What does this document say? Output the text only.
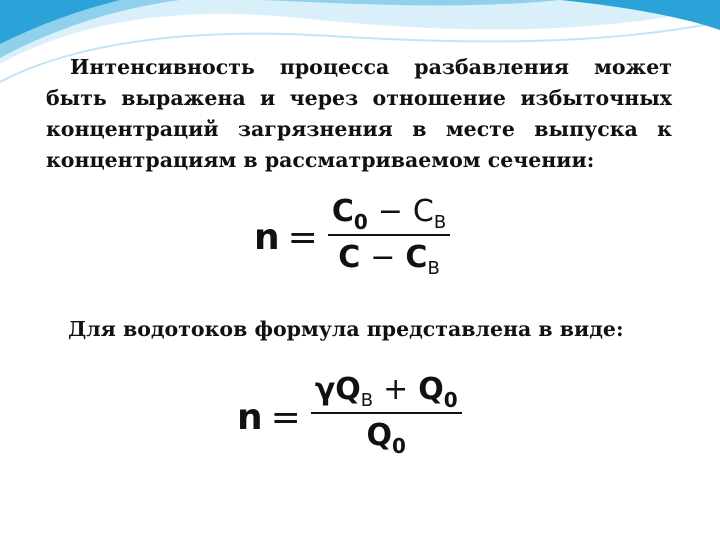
Интенсивность процесса разбавления может быть выражена и через отношение избыточных концентраций загрязнения в месте выпуска к концентрациям в рассматриваемом сечении:

$n = \frac{\text{C 0 − C В}}{\text{C − C В}}$

Для водотоков формула представлена в виде:

$n = \frac{\text{γ Q В + Q 0}}{Q 0}$
